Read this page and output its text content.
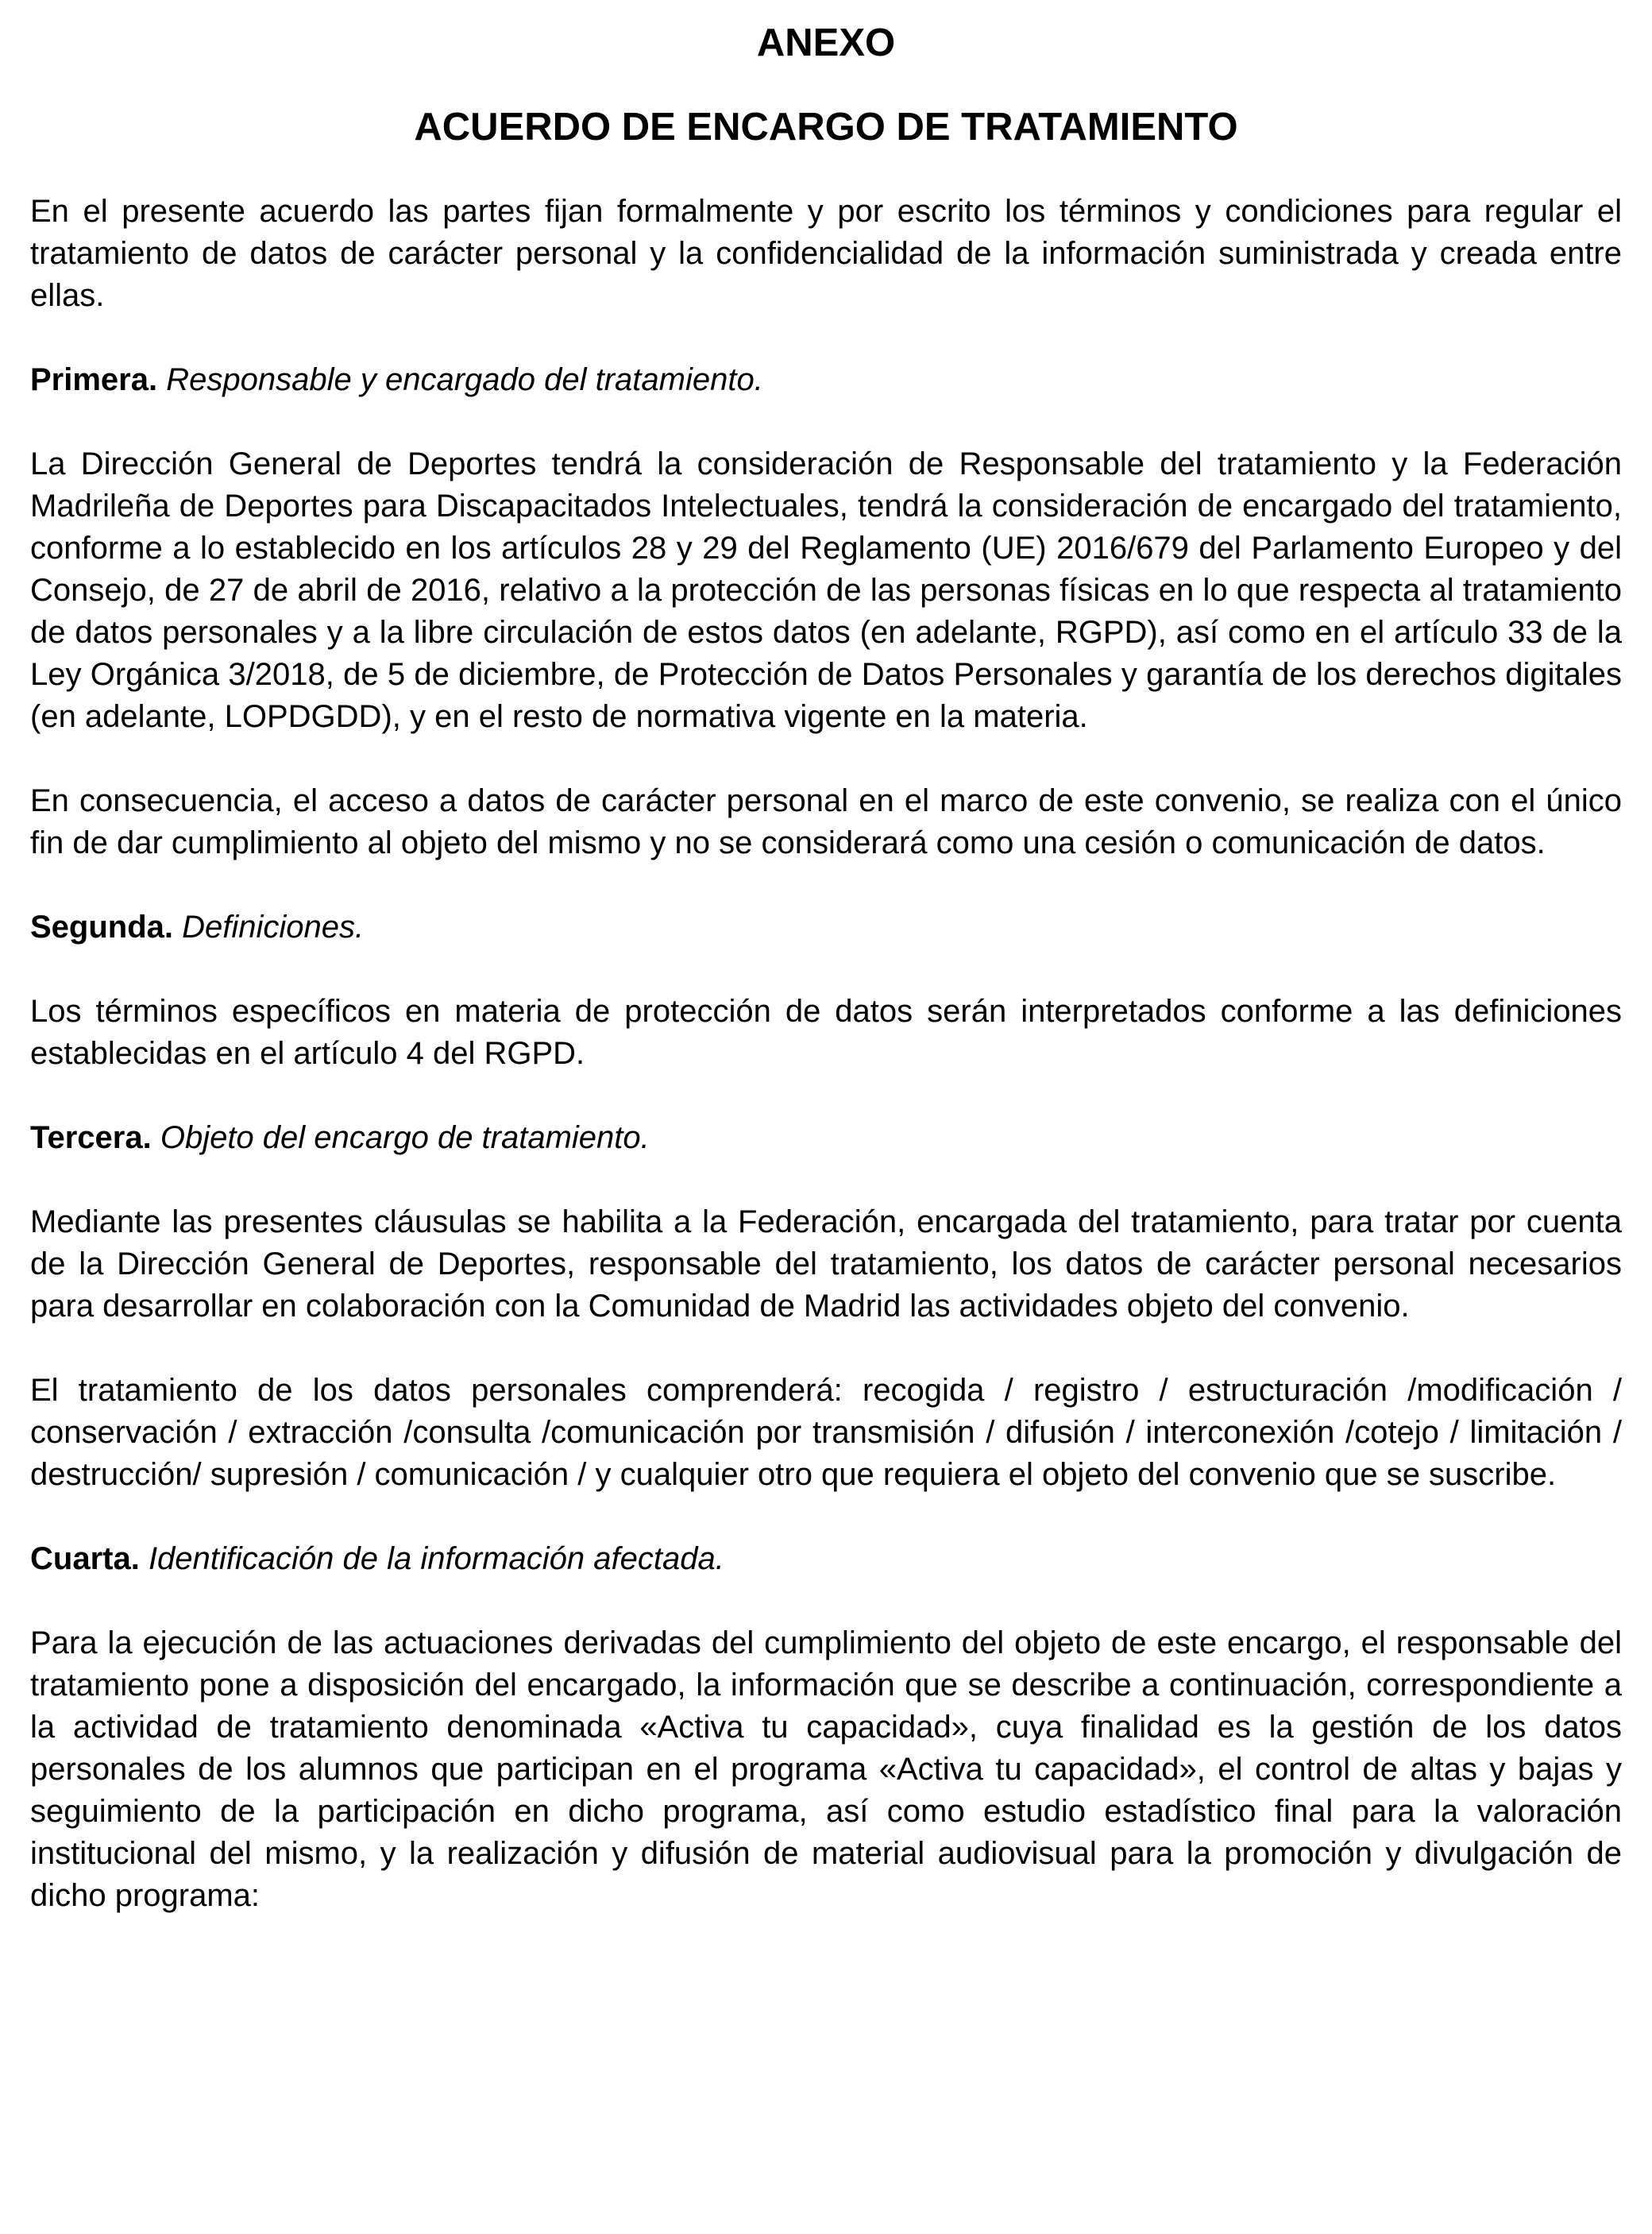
ANEXO
ACUERDO DE ENCARGO DE TRATAMIENTO

En el presente acuerdo las partes fijan formalmente y por escrito los términos y condiciones para regular el tratamiento de datos de carácter personal y la confidencialidad de la información suministrada y creada entre ellas.

Primera. Responsable y encargado del tratamiento.

La Dirección General de Deportes tendrá la consideración de Responsable del tratamiento y la Federación Madrileña de Deportes para Discapacitados Intelectuales, tendrá la consideración de encargado del tratamiento, conforme a lo establecido en los artículos 28 y 29 del Reglamento (UE) 2016/679 del Parlamento Europeo y del Consejo, de 27 de abril de 2016, relativo a la protección de las personas físicas en lo que respecta al tratamiento de datos personales y a la libre circulación de estos datos (en adelante, RGPD), así como en el artículo 33 de la Ley Orgánica 3/2018, de 5 de diciembre, de Protección de Datos Personales y garantía de los derechos digitales (en adelante, LOPDGDD), y en el resto de normativa vigente en la materia.

En consecuencia, el acceso a datos de carácter personal en el marco de este convenio, se realiza con el único fin de dar cumplimiento al objeto del mismo y no se considerará como una cesión o comunicación de datos.

Segunda. Definiciones.

Los términos específicos en materia de protección de datos serán interpretados conforme a las definiciones establecidas en el artículo 4 del RGPD.

Tercera. Objeto del encargo de tratamiento.

Mediante las presentes cláusulas se habilita a la Federación, encargada del tratamiento, para tratar por cuenta de la Dirección General de Deportes, responsable del tratamiento, los datos de carácter personal necesarios para desarrollar en colaboración con la Comunidad de Madrid las actividades objeto del convenio.

El tratamiento de los datos personales comprenderá: recogida / registro / estructuración /modificación / conservación / extracción /consulta /comunicación por transmisión / difusión / interconexión /cotejo / limitación / destrucción/ supresión / comunicación / y cualquier otro que requiera el objeto del convenio que se suscribe.

Cuarta. Identificación de la información afectada.

Para la ejecución de las actuaciones derivadas del cumplimiento del objeto de este encargo, el responsable del tratamiento pone a disposición del encargado, la información que se describe a continuación, correspondiente a la actividad de tratamiento denominada «Activa tu capacidad», cuya finalidad es la gestión de los datos personales de los alumnos que participan en el programa «Activa tu capacidad», el control de altas y bajas y seguimiento de la participación en dicho programa, así como estudio estadístico final para la valoración institucional del mismo, y la realización y difusión de material audiovisual para la promoción y divulgación de dicho programa:
